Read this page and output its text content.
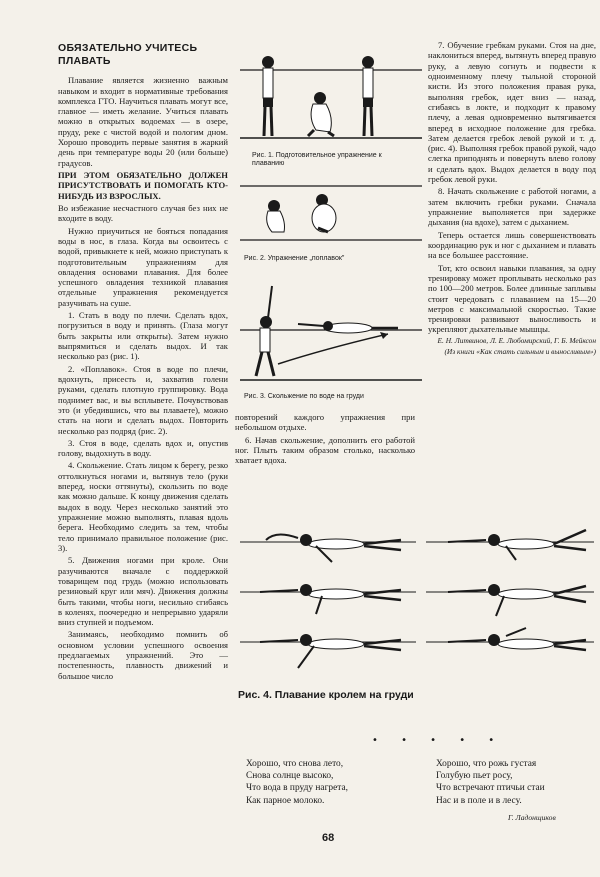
ОБЯЗАТЕЛЬНО УЧИТЕСЬ ПЛАВАТЬ

Плавание является жизненно важным навыком и входит в нормативные требования комплекса ГТО. Научиться плавать могут все, главное — иметь желание. Учиться плавать можно в открытых водоемах — в озере, пруду, реке с чистой водой и пологим дном. Хорошо проводить первые занятия в жаркий день при температуре воды 20 (или больше) градусов.

ПРИ ЭТОМ ОБЯЗАТЕЛЬНО ДОЛЖЕН ПРИСУТСТВОВАТЬ И ПОМОГАТЬ КТО-НИБУДЬ ИЗ ВЗРОСЛЫХ.

Во избежание несчастного случая без них не входите в воду.

Нужно приучиться не бояться попадания воды в нос, в глаза. Когда вы освоитесь с водой, привыкнете к ней, можно приступать к подготовительным упражнениям для овладения основами плавания. Для более успешного овладения техникой плавания отдельные упражнения рекомендуется разучивать на суше.

1. Стать в воду по плечи. Сделать вдох, погрузиться в воду и принять. (Глаза могут быть закрыты или открыты). Затем нужно выпрямиться и сделать выдох. И так несколько раз (рис. 1).

2. «Поплавок». Стоя в воде по плечи, вдохнуть, присесть и, захватив голени руками, сделать плотную группировку. Вода поднимет вас, и вы всплывете. Почувствовав это (и убедившись, что вы плаваете), можно стать на ноги и сделать выдох. Повторить несколько раз подряд (рис. 2).

3. Стоя в воде, сделать вдох и, опустив голову, выдохнуть в воду.

4. Скольжение. Стать лицом к берегу, резко оттолкнуться ногами и, вытянув тело (руки вперед, носки оттянуты), скользить по воде как можно дальше. К концу движения сделать выдох в воду. Через несколько занятий это упражнение можно выполнять, плавая вдоль берега. Необходимо следить за тем, чтобы тело принимало правильное положение (рис. 3).

5. Движения ногами при кроле. Они разучиваются вначале с поддержкой товарищем под грудь (можно использовать резиновый круг или мяч). Движения должны быть такими, чтобы ноги, несильно сгибаясь в коленях, поочередно и непрерывно ударяли вниз ступней и подъемом.

Занимаясь, необходимо помнить об основном условии успешного освоения предлагаемых упражнений. Это — постепенность, плавность движений и большое число

Рис. 1. Подготовительное упражнение к плаванию
Рис. 2. Упражнение „поплавок"
Рис. 3. Скольжение по воде на груди

повторений каждого упражнения при небольшом отдыхе.

6. Начав скольжение, дополнить его работой ног. Плыть таким образом столько, насколько хватает вдоха.

7. Обучение гребкам руками. Стоя на дне, наклониться вперед, вытянуть вперед правую руку, а левую согнуть и подвести к одноименному плечу тыльной стороной кисти. Из этого положения правая рука, выполняя гребок, идет вниз — назад, сгибаясь в локте, и подходит к правому плечу, а левая одновременно вытягивается вперед в исходное положение для гребка. Затем делается гребок левой рукой и т. д. (рис. 4). Выполняя гребок правой рукой, чадо слегка приподнять и повернуть влево голову и сделать вдох. Выдох делается в воду под гребок левой руки.

8. Начать скольжение с работой ногами, а затем включить гребки руками. Сначала упражнение выполняется при задержке дыхания (на вдохе), затем с дыханием.

Теперь остается лишь совершенствовать координацию рук и ног с дыханием и плавать на все большее расстояние.

Тот, кто освоил навыки плавания, за одну тренировку может проплывать несколько раз по 100—200 метров. Более длинные заплывы стоит чередовать с плаванием на 15—20 метров с максимальной скоростью. Такие тренировки развивают выносливость и укрепляют дыхательные мышцы.

Е. Н. Литвинов, Л. Е. Любомирский, Г. Б. Мейксон

(Из книги «Как стать сильным и выносливым»)

Рис. 4. Плавание кролем на груди
• • • • •
Хорошо, что снова лето,
Снова солнце высоко,
Что вода в пруду нагрета,
Как парное молоко.
Хорошо, что рожь густая
Голубую пьет росу,
Что встречают птичьи стаи
Нас и в поле и в лесу.
Г. Ладонщиков
68
